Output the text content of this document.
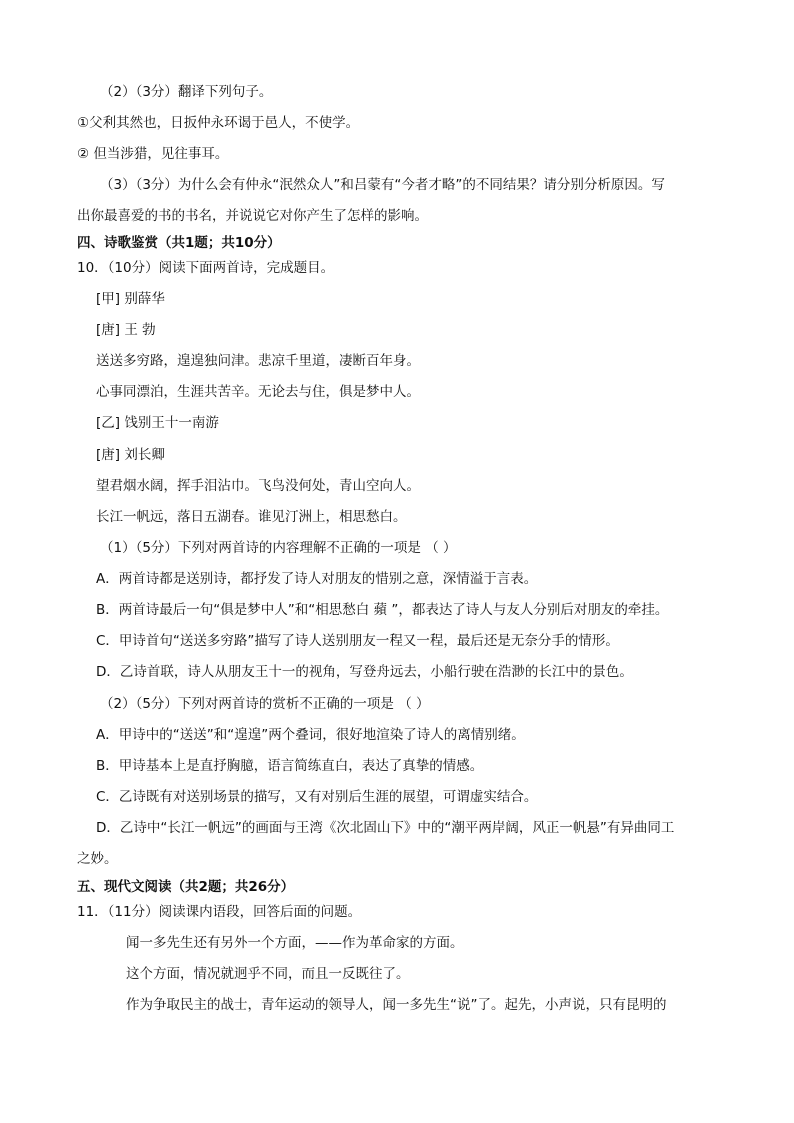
（2）（3分）翻译下列句子。
①父利其然也，日扳仲永环谒于邑人，不使学。
② 但当涉猎，见往事耳。
（3）（3分）为什么会有仲永“泯然众人”和吕蒙有“今者才略”的不同结果？请分别分析原因。写
出你最喜爱的书的书名，并说说它对你产生了怎样的影响。
四、诗歌鉴赏（共1题；共10分）
10．（10分）阅读下面两首诗，完成题目。
[甲] 别薛华
[唐] 王 勃
送送多穷路，遑遑独问津。悲凉千里道，凄断百年身。
心事同漂泊，生涯共苦辛。无论去与住，俱是梦中人。
[乙] 饯别王十一南游
[唐] 刘长卿
望君烟水阔，挥手泪沾巾。飞鸟没何处，青山空向人。
长江一帆远，落日五湖春。谁见汀洲上，相思愁白。
（1）（5分）下列对两首诗的内容理解不正确的一项是 （ ）
A．两首诗都是送别诗，都抒发了诗人对朋友的惜别之意，深情溢于言表。
B．两首诗最后一句“俱是梦中人”和“相思愁白 蘋 ”，都表达了诗人与友人分别后对朋友的牵挂。
C．甲诗首句“送送多穷路”描写了诗人送别朋友一程又一程，最后还是无奈分手的情形。
D．乙诗首联，诗人从朋友王十一的视角，写登舟远去，小船行驶在浩渺的长江中的景色。
（2）（5分）下列对两首诗的赏析不正确的一项是 （ ）
A．甲诗中的“送送”和“遑遑”两个叠词，很好地渲染了诗人的离情别绪。
B．甲诗基本上是直抒胸臆，语言简练直白，表达了真挚的情感。
C．乙诗既有对送别场景的描写，又有对别后生涯的展望，可谓虚实结合。
D．乙诗中“长江一帆远”的画面与王湾《次北固山下》中的“潮平两岸阔，风正一帆悬”有异曲同工
之妙。
五、现代文阅读（共2题；共26分）
11．（11分）阅读课内语段，回答后面的问题。
闻一多先生还有另外一个方面，——作为革命家的方面。
这个方面，情况就迥乎不同，而且一反既往了。
作为争取民主的战士，青年运动的领导人，闻一多先生“说”了。起先，小声说，只有昆明的
